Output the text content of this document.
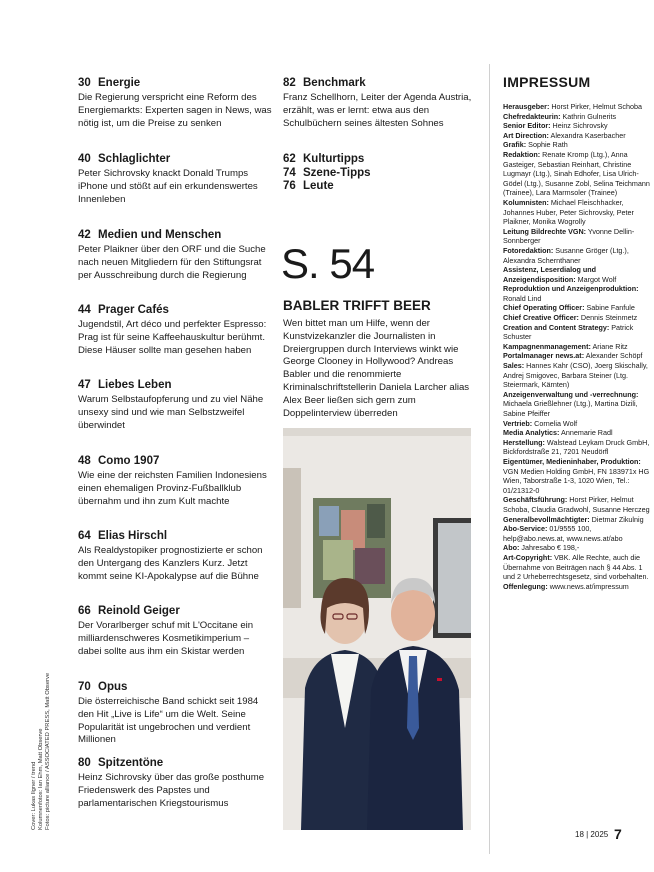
30 Energie
Die Regierung verspricht eine Reform des Energiemarkts: Experten sagen in News, was nötig ist, um die Preise zu senken
40 Schlaglichter
Peter Sichrovsky knackt Donald Trumps iPhone und stößt auf ein erkundenswertes Innenleben
42 Medien und Menschen
Peter Plaikner über den ORF und die Suche nach neuen Mitgliedern für den Stiftungsrat per Ausschreibung durch die Regierung
44 Prager Cafés
Jugendstil, Art déco und perfekter Espresso: Prag ist für seine Kaffeehauskultur berühmt. Diese Häuser sollte man gesehen haben
47 Liebes Leben
Warum Selbstaufopferung und zu viel Nähe unsexy sind und wie man Selbstzweifel überwindet
48 Como 1907
Wie eine der reichsten Familien Indonesiens einen ehemaligen Provinz-Fußballklub übernahm und ihn zum Kult machte
64 Elias Hirschl
Als Realdystopiker prognostizierte er schon den Untergang des Kanzlers Kurz. Jetzt kommt seine KI-Apokalypse auf die Bühne
66 Reinold Geiger
Der Vorarlberger schuf mit L'Occitane ein milliardenschweres Kosmetikimperium – dabei sollte aus ihm ein Skistar werden
70 Opus
Die österreichische Band schickt seit 1984 den Hit „Live is Life“ um die Welt. Seine Popularität ist ungebrochen und verdient Millionen
80 Spitzentöne
Heinz Sichrovsky über das große posthume Friedenswerk des Papstes und parlamentarischen Kriegstourismus
82 Benchmark
Franz Schellhorn, Leiter der Agenda Austria, erzählt, was er lernt: etwa aus den Schulbüchern seines ältesten Sohnes
62 Kulturtipps
74 Szene-Tipps
76 Leute
S. 54
BABLER TRIFFT BEER
Wen bittet man um Hilfe, wenn der Kunstvizekanzler die Journalisten in Dreiergruppen durch Interviews winkt wie George Clooney in Hollywood? Andreas Babler und die renommierte Kriminalschriftstellerin Daniela Larcher alias Alex Beer ließen sich gern zum Doppelinterview überreden
IMPRESSUM
Herausgeber: Horst Pirker, Helmut Schoba
Chefredakteurin: Kathrin Gulnerits
Senior Editor: Heinz Sichrovsky
Art Direction: Alexandra Kaserbacher
Grafik: Sophie Rath
Redaktion: Renate Kromp (Ltg.), Anna Gasteiger, Sebastian Reinhart, Christine Lugmayr (Ltg.), Sinah Edhofer, Lisa Ulrich-Gödel (Ltg.), Susanne Zobl, Selina Teichmann (Trainee), Lara Marmsoler (Trainee)
Kolumnisten: Michael Fleischhacker, Johannes Huber, Peter Sichrovsky, Peter Plaikner, Monika Wogrolly
Leitung Bildrechte VGN: Yvonne Dellin-Sonnberger
Fotoredaktion: Susanne Gröger (Ltg.), Alexandra Schernthaner
Assistenz, Leserdialog und Anzeigendisposition: Margot Wolf
Reproduktion und Anzeigenproduktion: Ronald Lind
Chief Operating Officer: Sabine Fanfule
Chief Creative Officer: Dennis Steinmetz
Creation and Content Strategy: Patrick Schuster
Kampagnenmanagement: Ariane Ritz
Portalmanager news.at: Alexander Schöpf
Sales: Hannes Kahr (CSO), Joerg Skischally, Andrej Smigovec, Barbara Steiner (Ltg. Steiermark, Kärnten)
Anzeigenverwaltung und -verrechnung: Michaela Grießlehner (Ltg.), Martina Dizili, Sabine Pfeiffer
Vertrieb: Cornelia Wolf
Media Analytics: Annemarie Radl
Herstellung: Walstead Leykam Druck GmbH, Bickfordstraße 21, 7201 Neudörfl
Eigentümer, Medieninhaber, Produktion: VGN Medien Holding GmbH, FN 183971x HG Wien, Taborstraße 1-3, 1020 Wien, Tel.: 01/21312-0
Geschäftsführung: Horst Pirker, Helmut Schoba, Claudia Gradwohl, Susanne Herczeg
Generalbevollmächtigter: Dietmar Zikulnig
Abo-Service: 01/9555 100, help@abo.news.at, www.news.at/abo
Abo: Jahresabo € 198,-
Art-Copyright: VBK. Alle Rechte, auch die Übernahme von Beiträgen nach § 44 Abs. 1 und 2 Urheberrechtsgesetz, sind vorbehalten.
Offenlegung: www.news.at/impressum
Cover: Lukas Ilgner / trend Kolumnenfotos: Ian Ehm, Matt Observe Fotos: picture alliance / ASSOCIATED PRESS, Matt Observe
18 | 2025 7
